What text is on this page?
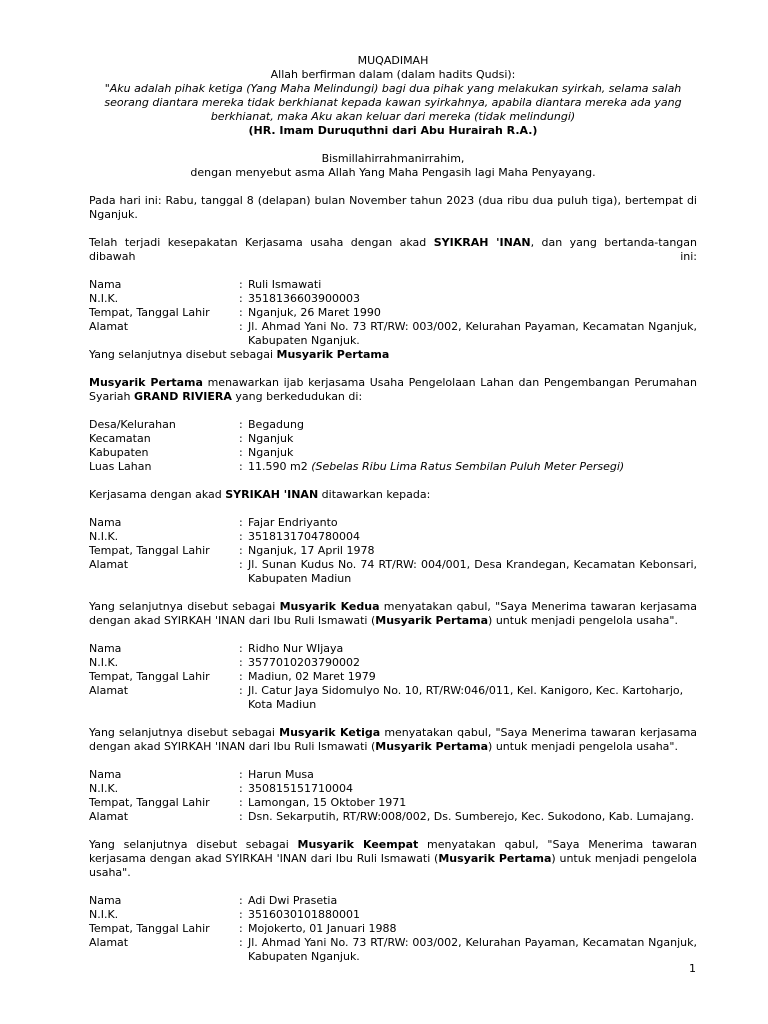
MUQADIMAH
Allah berfirman dalam (dalam hadits Qudsi):
"Aku adalah pihak ketiga (Yang Maha Melindungi) bagi dua pihak yang melakukan syirkah, selama salah
seorang diantara mereka tidak berkhianat kepada kawan syirkahnya, apabila diantara mereka ada yang
berkhianat, maka Aku akan keluar dari mereka (tidak melindungi)
(HR. Imam Duruquthni dari Abu Hurairah R.A.)
Bismillahirrahmanirrahim,
dengan menyebut asma Allah Yang Maha Pengasih lagi Maha Penyayang.
Pada hari ini: Rabu, tanggal 8 (delapan) bulan November tahun 2023 (dua ribu dua puluh tiga), bertempat di Nganjuk.
Telah terjadi kesepakatan Kerjasama usaha dengan akad SYIKRAH 'INAN, dan yang bertanda-tangan
dibawah	ini:
Nama	: Ruli Ismawati
N.I.K.	: 3518136603900003
Tempat, Tanggal Lahir	: Nganjuk, 26 Maret 1990
Alamat	: Jl. Ahmad Yani No. 73 RT/RW: 003/002, Kelurahan Payaman, Kecamatan Nganjuk, Kabupaten Nganjuk.
Yang selanjutnya disebut sebagai Musyarik Pertama
Musyarik Pertama menawarkan ijab kerjasama Usaha Pengelolaan Lahan dan Pengembangan Perumahan Syariah GRAND RIVIERA yang berkedudukan di:
Desa/Kelurahan	: Begadung
Kecamatan	: Nganjuk
Kabupaten	: Nganjuk
Luas Lahan	: 11.590 m2 (Sebelas Ribu Lima Ratus Sembilan Puluh Meter Persegi)
Kerjasama dengan akad SYRIKAH 'INAN ditawarkan kepada:
Nama	: Fajar Endriyanto
N.I.K.	: 3518131704780004
Tempat, Tanggal Lahir	: Nganjuk, 17 April 1978
Alamat	: Jl. Sunan Kudus No. 74 RT/RW: 004/001, Desa Krandegan, Kecamatan Kebonsari, Kabupaten Madiun
Yang selanjutnya disebut sebagai Musyarik Kedua menyatakan qabul, "Saya Menerima tawaran kerjasama dengan akad SYIRKAH 'INAN dari Ibu Ruli Ismawati (Musyarik Pertama) untuk menjadi pengelola usaha".
Nama	: Ridho Nur WIjaya
N.I.K.	: 3577010203790002
Tempat, Tanggal Lahir	: Madiun, 02 Maret 1979
Alamat	: Jl. Catur Jaya Sidomulyo No. 10, RT/RW:046/011, Kel. Kanigoro, Kec. Kartoharjo, Kota Madiun
Yang selanjutnya disebut sebagai Musyarik Ketiga menyatakan qabul, "Saya Menerima tawaran kerjasama dengan akad SYIRKAH 'INAN dari Ibu Ruli Ismawati (Musyarik Pertama) untuk menjadi pengelola usaha".
Nama	: Harun Musa
N.I.K.	: 350815151710004
Tempat, Tanggal Lahir	: Lamongan, 15 Oktober 1971
Alamat	: Dsn. Sekarputih, RT/RW:008/002, Ds. Sumberejo, Kec. Sukodono, Kab. Lumajang.
Yang selanjutnya disebut sebagai Musyarik Keempat menyatakan qabul, "Saya Menerima tawaran kerjasama dengan akad SYIRKAH 'INAN dari Ibu Ruli Ismawati (Musyarik Pertama) untuk menjadi pengelola usaha".
Nama	: Adi Dwi Prasetia
N.I.K.	: 3516030101880001
Tempat, Tanggal Lahir	: Mojokerto, 01 Januari 1988
Alamat	: Jl. Ahmad Yani No. 73 RT/RW: 003/002, Kelurahan Payaman, Kecamatan Nganjuk, Kabupaten Nganjuk.
1
